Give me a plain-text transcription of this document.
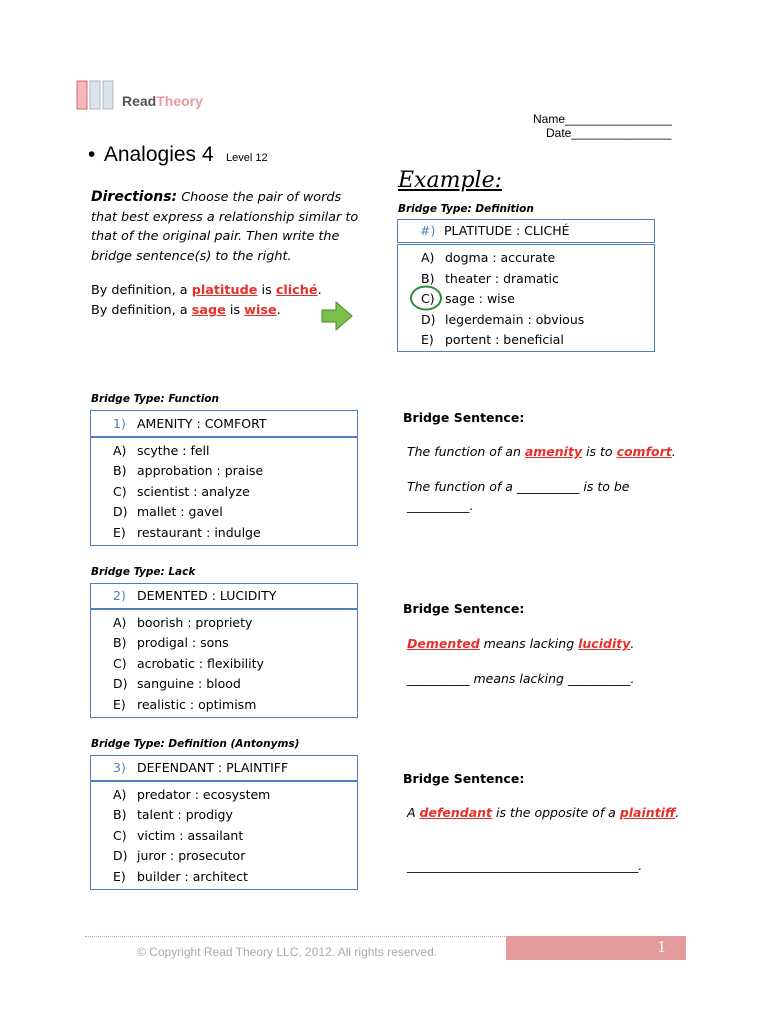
ReadTheory
Name________________
Date_______________
• Analogies 4 Level 12
Directions: Choose the pair of words that best express a relationship similar to that of the original pair. Then write the bridge sentence(s) to the right.
By definition, a platitude is cliché.
By definition, a sage is wise.
Example:
Bridge Type: Definition
#) PLATITUDE : CLICHÉ
A) dogma : accurate
B) theater : dramatic
C) sage : wise
D) legerdemain : obvious
E) portent : beneficial
Bridge Type: Function
1) AMENITY : COMFORT
A) scythe : fell
B) approbation : praise
C) scientist : analyze
D) mallet : gavel
E) restaurant : indulge
Bridge Sentence:
The function of an amenity is to comfort.
The function of a __________ is to be
__________.
Bridge Type: Lack
2) DEMENTED : LUCIDITY
A) boorish : propriety
B) prodigal : sons
C) acrobatic : flexibility
D) sanguine : blood
E) realistic : optimism
Bridge Sentence:
Demented means lacking lucidity.
__________ means lacking __________.
Bridge Type: Definition (Antonyms)
3) DEFENDANT : PLAINTIFF
A) predator : ecosystem
B) talent : prodigy
C) victim : assailant
D) juror : prosecutor
E) builder : architect
Bridge Sentence:
A defendant is the opposite of a plaintiff.
_____________________________________.
© Copyright Read Theory LLC, 2012. All rights reserved.	1
